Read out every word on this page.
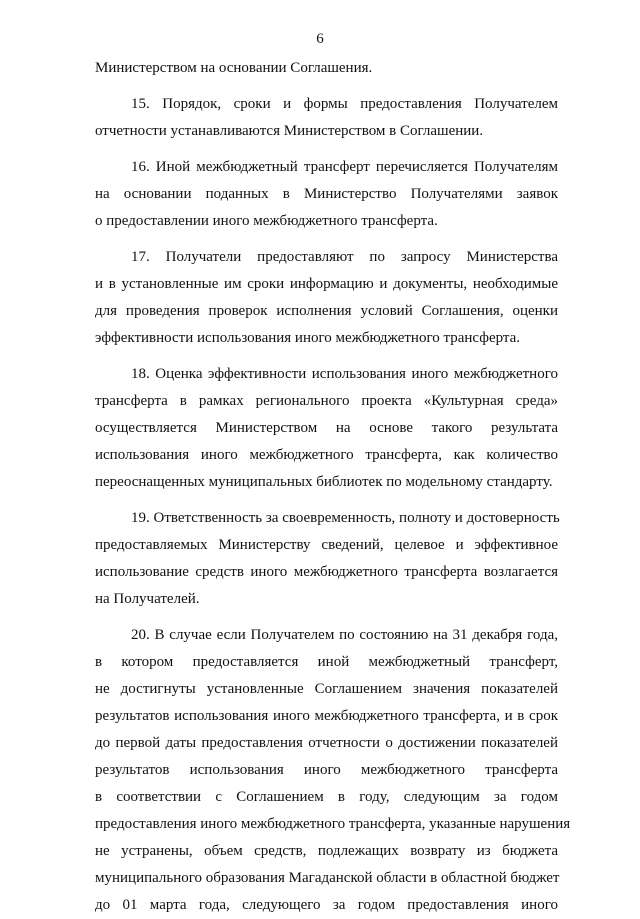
6
Министерством на основании Соглашения.
15. Порядок, сроки и формы предоставления Получателем
отчетности устанавливаются Министерством в Соглашении.
16. Иной межбюджетный трансферт перечисляется Получателям
на основании поданных в Министерство Получателями заявок
о предоставлении иного межбюджетного трансферта.
17. Получатели предоставляют по запросу Министерства
и в установленные им сроки информацию и документы, необходимые
для проведения проверок исполнения условий Соглашения, оценки
эффективности использования иного межбюджетного трансферта.
18. Оценка эффективности использования иного межбюджетного
трансферта в рамках регионального проекта «Культурная среда»
осуществляется Министерством на основе такого результата
использования иного межбюджетного трансферта, как количество
переоснащенных муниципальных библиотек по модельному стандарту.
19. Ответственность за своевременность, полноту и достоверность
предоставляемых Министерству сведений, целевое и эффективное
использование средств иного межбюджетного трансферта возлагается
на Получателей.
20. В случае если Получателем по состоянию на 31 декабря года,
в котором предоставляется иной межбюджетный трансферт,
не достигнуты установленные Соглашением значения показателей
результатов использования иного межбюджетного трансферта, и в срок
до первой даты предоставления отчетности о достижении показателей
результатов использования иного межбюджетного трансферта
в соответствии с Соглашением в году, следующим за годом
предоставления иного межбюджетного трансферта, указанные нарушения
не устранены, объем средств, подлежащих возврату из бюджета
муниципального образования Магаданской области в областной бюджет
до 01 марта года, следующего за годом предоставления иного
